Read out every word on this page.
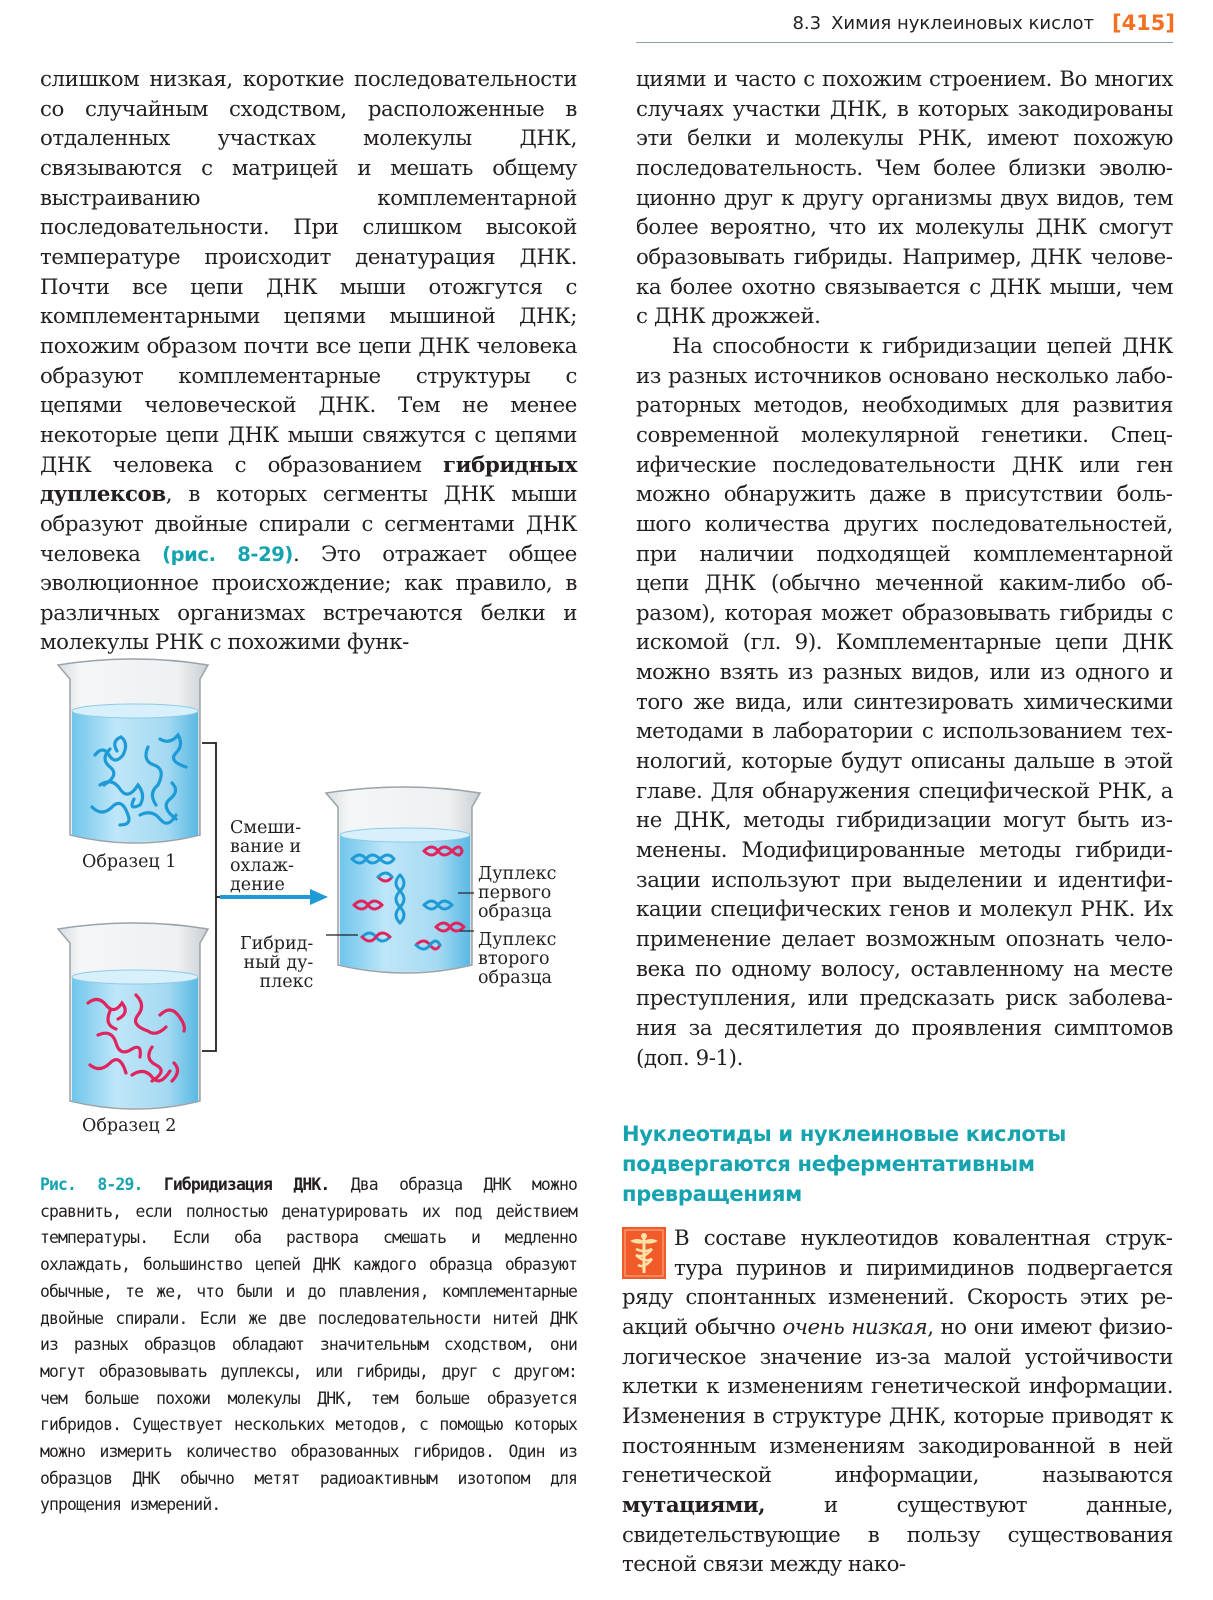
8.3 Химия нуклеиновых кислот [415]

слишком низкая, короткие последовательности со случайным сходством, расположенные в отдаленных участках молекулы ДНК, связываются с матрицей и мешать общему выстраиванию комплементарной последовательности. При слишком высокой температуре происходит денатурация ДНК. Почти все цепи ДНК мыши отожгутся с комплементарными цепями мышиной ДНК; похожим образом почти все цепи ДНК человека образуют комплементарные структуры с цепями человеческой ДНК. Тем не менее некоторые цепи ДНК мыши свяжутся с цепями ДНК человека с образованием гибридных дуплексов, в которых сегменты ДНК мыши образуют двойные спирали с сегментами ДНК человека (рис. 8-29). Это отражает общее эволюционное происхождение; как правило, в различных организмах встречаются белки и молекулы РНК с похожими функ-

циями и часто с похожим строением. Во многих случаях участки ДНК, в которых закодированы эти белки и молекулы РНК, имеют похожую последовательность. Чем более близки эволюционно друг к другу организмы двух видов, тем более вероятно, что их молекулы ДНК смогут образовывать гибриды. Например, ДНК человека более охотно связывается с ДНК мыши, чем с ДНК дрожжей.

На способности к гибридизации цепей ДНК из разных источников основано несколько лабораторных методов, необходимых для развития современной молекулярной генетики. Специфические последовательности ДНК или ген можно обнаружить даже в присутствии большого количества других последовательностей, при наличии подходящей комплементарной цепи ДНК (обычно меченной каким-либо образом), которая может образовывать гибриды с искомой (гл. 9). Комплементарные цепи ДНК можно взять из разных видов, или из одного и того же вида, или синтезировать химическими методами в лаборатории с использованием технологий, которые будут описаны дальше в этой главе. Для обнаружения специфической РНК, а не ДНК, методы гибридизации могут быть изменены. Модифицированные методы гибридизации используют при выделении и идентификации специфических генов и молекул РНК. Их применение делает возможным опознать человека по одному волосу, оставленному на месте преступления, или предсказать риск заболевания за десятилетия до проявления симптомов (доп. 9-1).

Образец 1
Образец 2
Смеши-
вание и
охлаж-
дение
Гибрид-
ный ду-
плекс
Дуплекс
первого
образца
Дуплекс
второго
образца

Рис. 8-29. Гибридизация ДНК. Два образца ДНК можно сравнить, если полностью денатурировать их под действием температуры. Если оба раствора смешать и медленно охлаждать, большинство цепей ДНК каждого образца образуют обычные, те же, что были и до плавления, комплементарные двойные спирали. Если же две последовательности нитей ДНК из разных образцов обладают значительным сходством, они могут образовывать дуплексы, или гибриды, друг с другом: чем больше похожи молекулы ДНК, тем больше образуется гибридов. Существует нескольких методов, с помощью которых можно измерить количество образованных гибридов. Один из образцов ДНК обычно метят радиоактивным изотопом для упрощения измерений.

Нуклеотиды и нуклеиновые кислоты
подвергаются неферментативным
превращениям

В составе нуклеотидов ковалентная структура пуринов и пиримидинов подвергается ряду спонтанных изменений. Скорость этих реакций обычно очень низкая, но они имеют физиологическое значение из-за малой устойчивости клетки к изменениям генетической информации. Изменения в структуре ДНК, которые приводят к постоянным изменениям закодированной в ней генетической информации, называются мутациями, и существуют данные, свидетельствующие в пользу существования тесной связи между нако-
